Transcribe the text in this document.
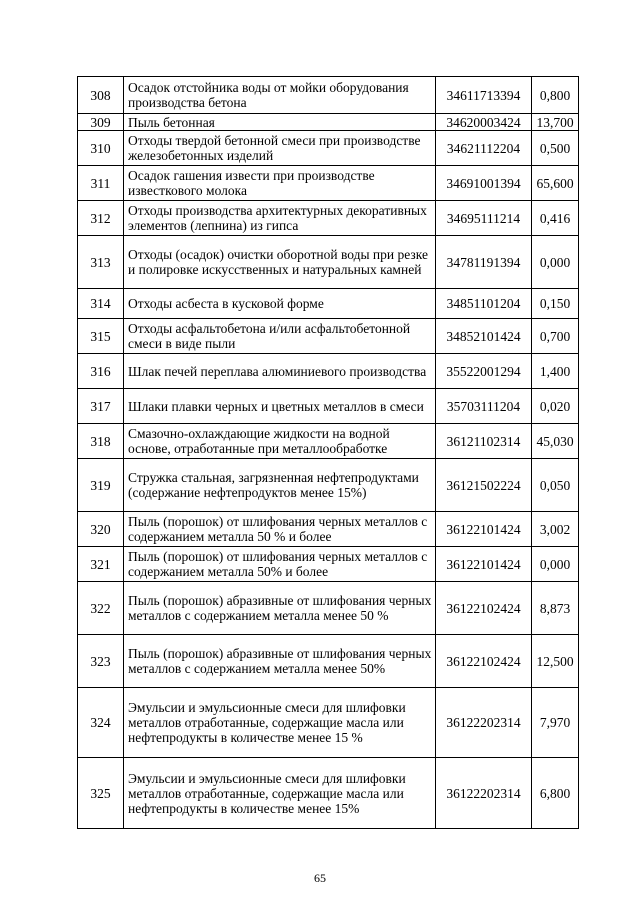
308	Осадок отстойника воды от мойки оборудования производства бетона	34611713394	0,800
309	Пыль бетонная	34620003424	13,700
310	Отходы твердой бетонной смеси при производстве железобетонных изделий	34621112204	0,500
311	Осадок гашения извести при производстве известкового молока	34691001394	65,600
312	Отходы производства архитектурных декоративных элементов (лепнина) из гипса	34695111214	0,416
313	Отходы (осадок) очистки оборотной воды при резке и полировке искусственных и натуральных камней	34781191394	0,000
314	Отходы асбеста в кусковой форме	34851101204	0,150
315	Отходы асфальтобетона и/или асфальтобетонной смеси в виде пыли	34852101424	0,700
316	Шлак печей переплава алюминиевого производства	35522001294	1,400
317	Шлаки плавки черных и цветных металлов в смеси	35703111204	0,020
318	Смазочно-охлаждающие жидкости на водной основе, отработанные при металлообработке	36121102314	45,030
319	Стружка стальная, загрязненная нефтепродуктами (содержание нефтепродуктов менее 15%)	36121502224	0,050
320	Пыль (порошок) от шлифования черных металлов с содержанием металла 50 % и более	36122101424	3,002
321	Пыль (порошок) от шлифования черных металлов с содержанием металла 50% и более	36122101424	0,000
322	Пыль (порошок) абразивные от шлифования черных металлов с содержанием металла менее 50 %	36122102424	8,873
323	Пыль (порошок) абразивные от шлифования черных металлов с содержанием металла менее 50%	36122102424	12,500
324	Эмульсии и эмульсионные смеси для шлифовки металлов отработанные, содержащие масла или нефтепродукты в количестве менее 15 %	36122202314	7,970
325	Эмульсии и эмульсионные смеси для шлифовки металлов отработанные, содержащие масла или нефтепродукты в количестве менее 15%	36122202314	6,800
65
